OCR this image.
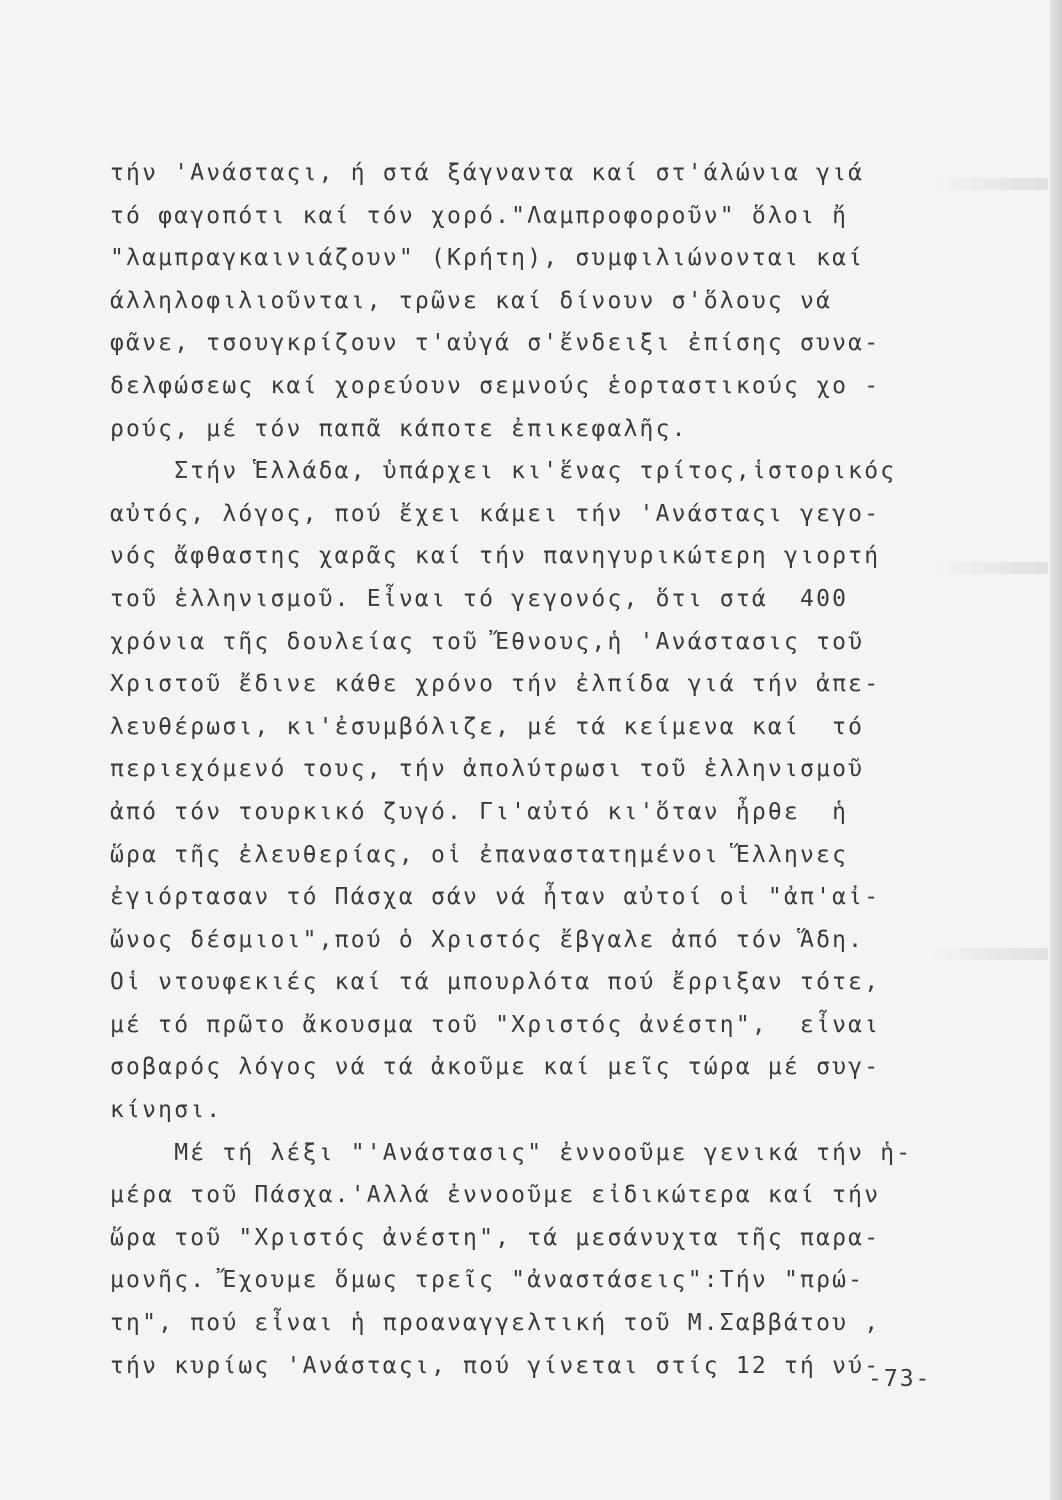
τήν 'Ανάσταςι, ή στά ξάγναντα καί στ'άλώνια γιά
τό φαγοπότι καί τόν χορό."Λαμπροφοροῦν" ὅλοι ἤ
"λαμπραγκαινιάζουν" (Κρήτη), συμφιλιώνονται καί
άλληλοφιλιοῦνται, τρῶνε καί δίνουν σ'ὅλους νά
φᾶνε, τσουγκρίζουν τ'αὐγά σ'ἔνδειξι ἐπίσης συνα-
δελφώσεως καί χορεύουν σεμνούς ἑορταστικούς χο -
ρούς, μέ τόν παπᾶ κάποτε ἐπικεφαλῆς.
Στήν Ἑλλάδα, ὑπάρχει κι'ἕνας τρίτος,ἱστορικός
αὐτός, λόγος, πού ἔχει κάμει τήν 'Ανάσταςι γεγο-
νός ἄφθαστης χαρᾶς καί τήν πανηγυρικώτερη γιορτή
τοῦ ἑλληνισμοῦ. Εἶναι τό γεγονός, ὅτι στά  400
χρόνια τῆς δουλείας τοῦ Ἔθνους,ἡ 'Ανάστασις τοῦ
Χριστοῦ ἔδινε κάθε χρόνο τήν ἐλπίδα γιά τήν ἀπε-
λευθέρωσι, κι'ἐσυμβόλιζε, μέ τά κείμενα καί  τό
περιεχόμενό τους, τήν ἀπολύτρωσι τοῦ ἑλληνισμοῦ
ἀπό τόν τουρκικό ζυγό. Γι'αὐτό κι'ὅταν ἦρθε  ἡ
ὥρα τῆς ἐλευθερίας, οἱ ἐπαναστατημένοι Ἕλληνες
ἐγιόρτασαν τό Πάσχα σάν νά ἦταν αὐτοί οἱ "ἀπ'αἰ-
ὤνος δέσμιοι",πού ὁ Χριστός ἔβγαλε ἀπό τόν Ἅδη.
Οἱ ντουφεκιές καί τά μπουρλότα πού ἔρριξαν τότε,
μέ τό πρῶτο ἄκουσμα τοῦ "Χριστός ἀνέστη",  εἶναι
σοβαρός λόγος νά τά ἀκοῦμε καί μεῖς τώρα μέ συγ-
κίνησι.
Μέ τή λέξι "'Ανάστασις" ἐννοοῦμε γενικά τήν ἡ-
μέρα τοῦ Πάσχα.'Αλλά ἐννοοῦμε εἰδικώτερα καί τήν
ὥρα τοῦ "Χριστός ἀνέστη", τά μεσάνυχτα τῆς παρα-
μονῆς. Ἔχουμε ὅμως τρεῖς "ἀναστάσεις":Τήν "πρώ-
τη", πού εἶναι ἡ προαναγγελτική τοῦ Μ.Σαββάτου ,
τήν κυρίως 'Ανάσταςι, πού γίνεται στίς 12 τή νύ-
-73-
